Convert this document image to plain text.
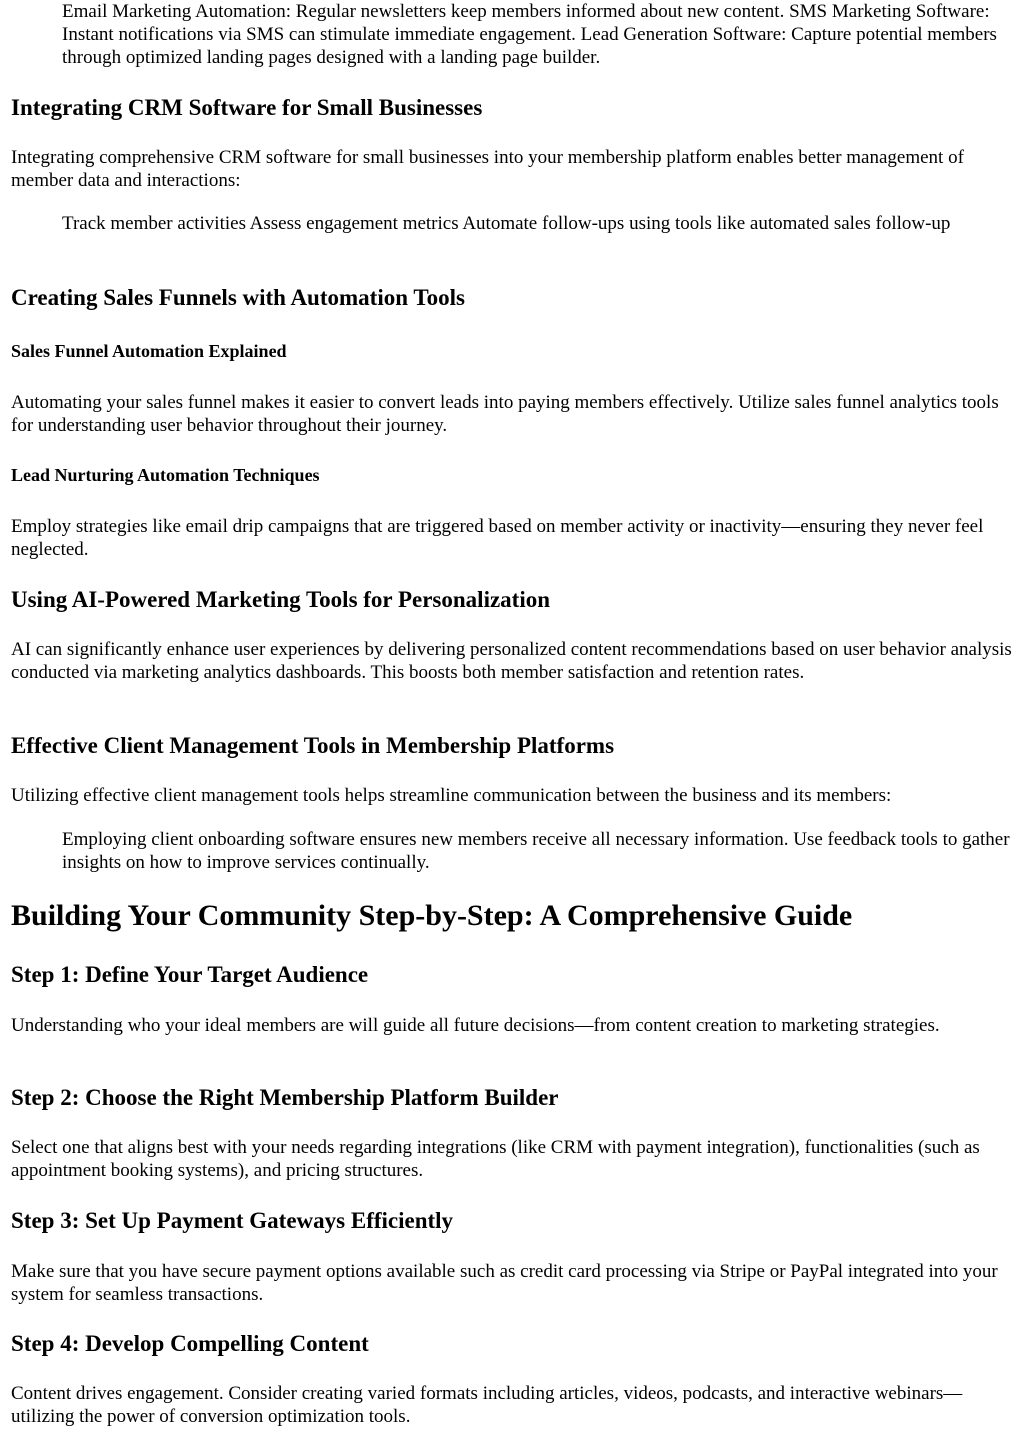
Email Marketing Automation: Regular newsletters keep members informed about new content. SMS Marketing Software: Instant notifications via SMS can stimulate immediate engagement. Lead Generation Software: Capture potential members through optimized landing pages designed with a landing page builder.

Integrating CRM Software for Small Businesses

Integrating comprehensive CRM software for small businesses into your membership platform enables better management of member data and interactions:

Track member activities Assess engagement metrics Automate follow-ups using tools like automated sales follow-up

Creating Sales Funnels with Automation Tools
Sales Funnel Automation Explained

Automating your sales funnel makes it easier to convert leads into paying members effectively. Utilize sales funnel analytics tools for understanding user behavior throughout their journey.

Lead Nurturing Automation Techniques

Employ strategies like email drip campaigns that are triggered based on member activity or inactivity—ensuring they never feel neglected.

Using AI-Powered Marketing Tools for Personalization

AI can significantly enhance user experiences by delivering personalized content recommendations based on user behavior analysis conducted via marketing analytics dashboards. This boosts both member satisfaction and retention rates.

Effective Client Management Tools in Membership Platforms

Utilizing effective client management tools helps streamline communication between the business and its members:

Employing client onboarding software ensures new members receive all necessary information. Use feedback tools to gather insights on how to improve services continually.

Building Your Community Step-by-Step: A Comprehensive Guide
Step 1: Define Your Target Audience

Understanding who your ideal members are will guide all future decisions—from content creation to marketing strategies.

Step 2: Choose the Right Membership Platform Builder

Select one that aligns best with your needs regarding integrations (like CRM with payment integration), functionalities (such as appointment booking systems), and pricing structures.

Step 3: Set Up Payment Gateways Efficiently

Make sure that you have secure payment options available such as credit card processing via Stripe or PayPal integrated into your system for seamless transactions.

Step 4: Develop Compelling Content

Content drives engagement. Consider creating varied formats including articles, videos, podcasts, and interactive webinars—utilizing the power of conversion optimization tools.
